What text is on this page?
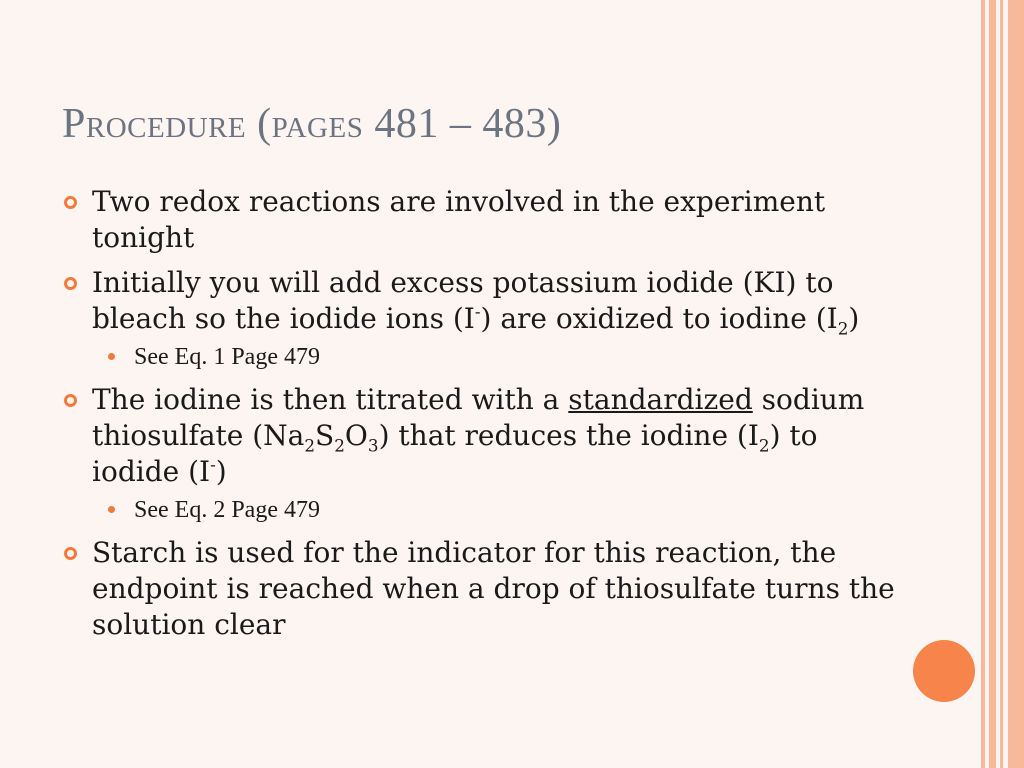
Procedure (pages 481 – 483)
Two redox reactions are involved in the experiment tonight
Initially you will add excess potassium iodide (KI) to bleach so the iodide ions (I-) are oxidized to iodine $(I_2)$
See Eq. 1 Page 479
The iodine is then titrated with a standardized sodium thiosulfate $(Na_2S_2O_3)$ that reduces the iodine $(I_2)$ to iodide (I-)
See Eq. 2 Page 479
Starch is used for the indicator for this reaction, the endpoint is reached when a drop of thiosulfate turns the solution clear
